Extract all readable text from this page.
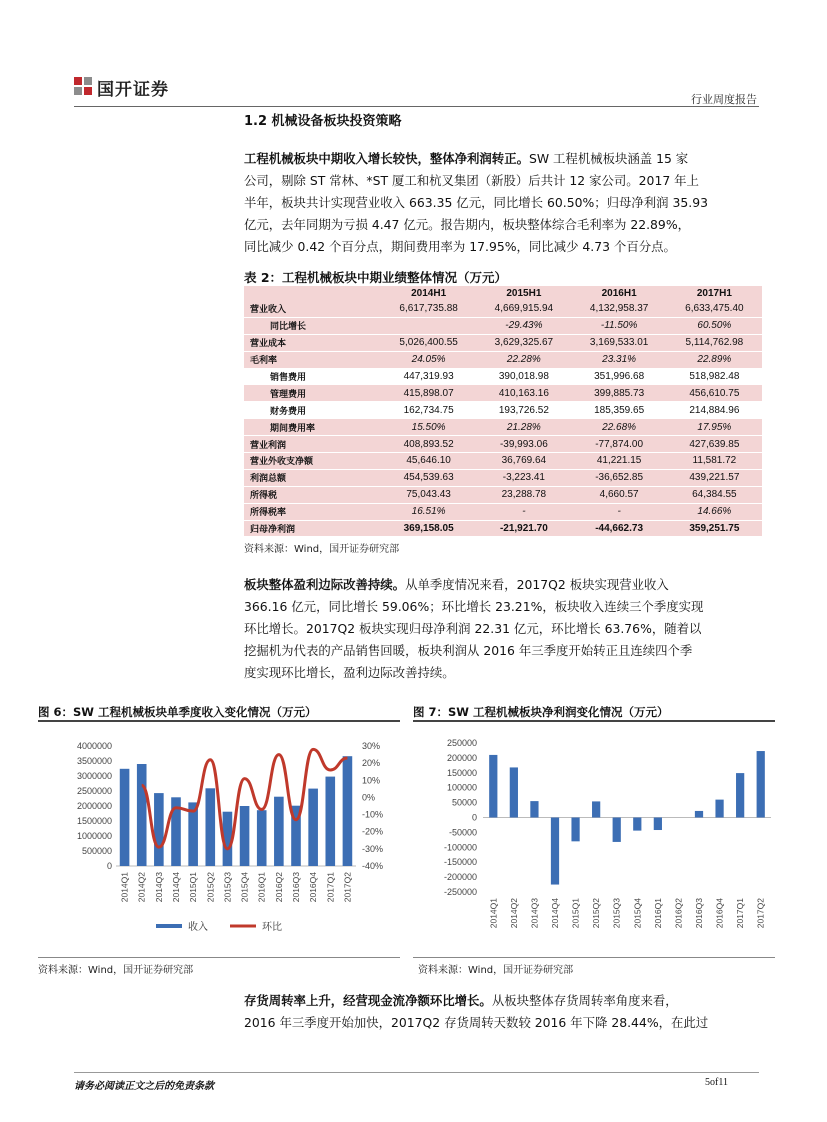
国开证券	行业周度报告
1.2 机械设备板块投资策略
工程机械板块中期收入增长较快，整体净利润转正。SW 工程机械板块涵盖 15 家
公司，剔除 ST 常林、*ST 厦工和杭叉集团（新股）后共计 12 家公司。2017 年上
半年，板块共计实现营业收入 663.35 亿元，同比增长 60.50%；归母净利润 35.93
亿元，去年同期为亏损 4.47 亿元。报告期内，板块整体综合毛利率为 22.89%，
同比减少 0.42 个百分点，期间费用率为 17.95%，同比减少 4.73 个百分点。
表 2：工程机械板块中期业绩整体情况（万元）
	2014H1	2015H1	2016H1	2017H1
营业收入	6,617,735.88	4,669,915.94	4,132,958.37	6,633,475.40
同比增长		-29.43%	-11.50%	60.50%
营业成本	5,026,400.55	3,629,325.67	3,169,533.01	5,114,762.98
毛利率	24.05%	22.28%	23.31%	22.89%
销售费用	447,319.93	390,018.98	351,996.68	518,982.48
管理费用	415,898.07	410,163.16	399,885.73	456,610.75
财务费用	162,734.75	193,726.52	185,359.65	214,884.96
期间费用率	15.50%	21.28%	22.68%	17.95%
营业利润	408,893.52	-39,993.06	-77,874.00	427,639.85
营业外收支净额	45,646.10	36,769.64	41,221.15	11,581.72
利润总额	454,539.63	-3,223.41	-36,652.85	439,221.57
所得税	75,043.43	23,288.78	4,660.57	64,384.55
所得税率	16.51%	-	-	14.66%
归母净利润	369,158.05	-21,921.70	-44,662.73	359,251.75
资料来源：Wind，国开证券研究部
板块整体盈利边际改善持续。从单季度情况来看，2017Q2 板块实现营业收入
366.16 亿元，同比增长 59.06%；环比增长 23.21%，板块收入连续三个季度实现
环比增长。2017Q2 板块实现归母净利润 22.31 亿元，环比增长 63.76%，随着以
挖掘机为代表的产品销售回暖，板块利润从 2016 年三季度开始转正且连续四个季
度实现环比增长，盈利边际改善持续。
图 6：SW 工程机械板块单季度收入变化情况（万元）	图 7：SW 工程机械板块净利润变化情况（万元）
4000000
3500000
3000000
2500000
2000000
1500000
1000000
500000
0
30%
20%
10%
0%
-10%
-20%
-30%
-40%
2014Q1 2014Q2 2014Q3 2014Q4 2015Q1 2015Q2 2015Q3 2015Q4 2016Q1 2016Q2 2016Q3 2016Q4 2017Q1 2017Q2
收入	环比
250000
200000
150000
100000
50000
0
-50000
-100000
-150000
-200000
-250000
2014Q1 2014Q2 2014Q3 2014Q4 2015Q1 2015Q2 2015Q3 2015Q4 2016Q1 2016Q2 2016Q3 2016Q4 2017Q1 2017Q2
资料来源：Wind，国开证券研究部	资料来源：Wind，国开证券研究部
存货周转率上升，经营现金流净额环比增长。从板块整体存货周转率角度来看，
2016 年三季度开始加快，2017Q2 存货周转天数较 2016 年下降 28.44%，在此过
请务必阅读正文之后的免责条款	5of11
